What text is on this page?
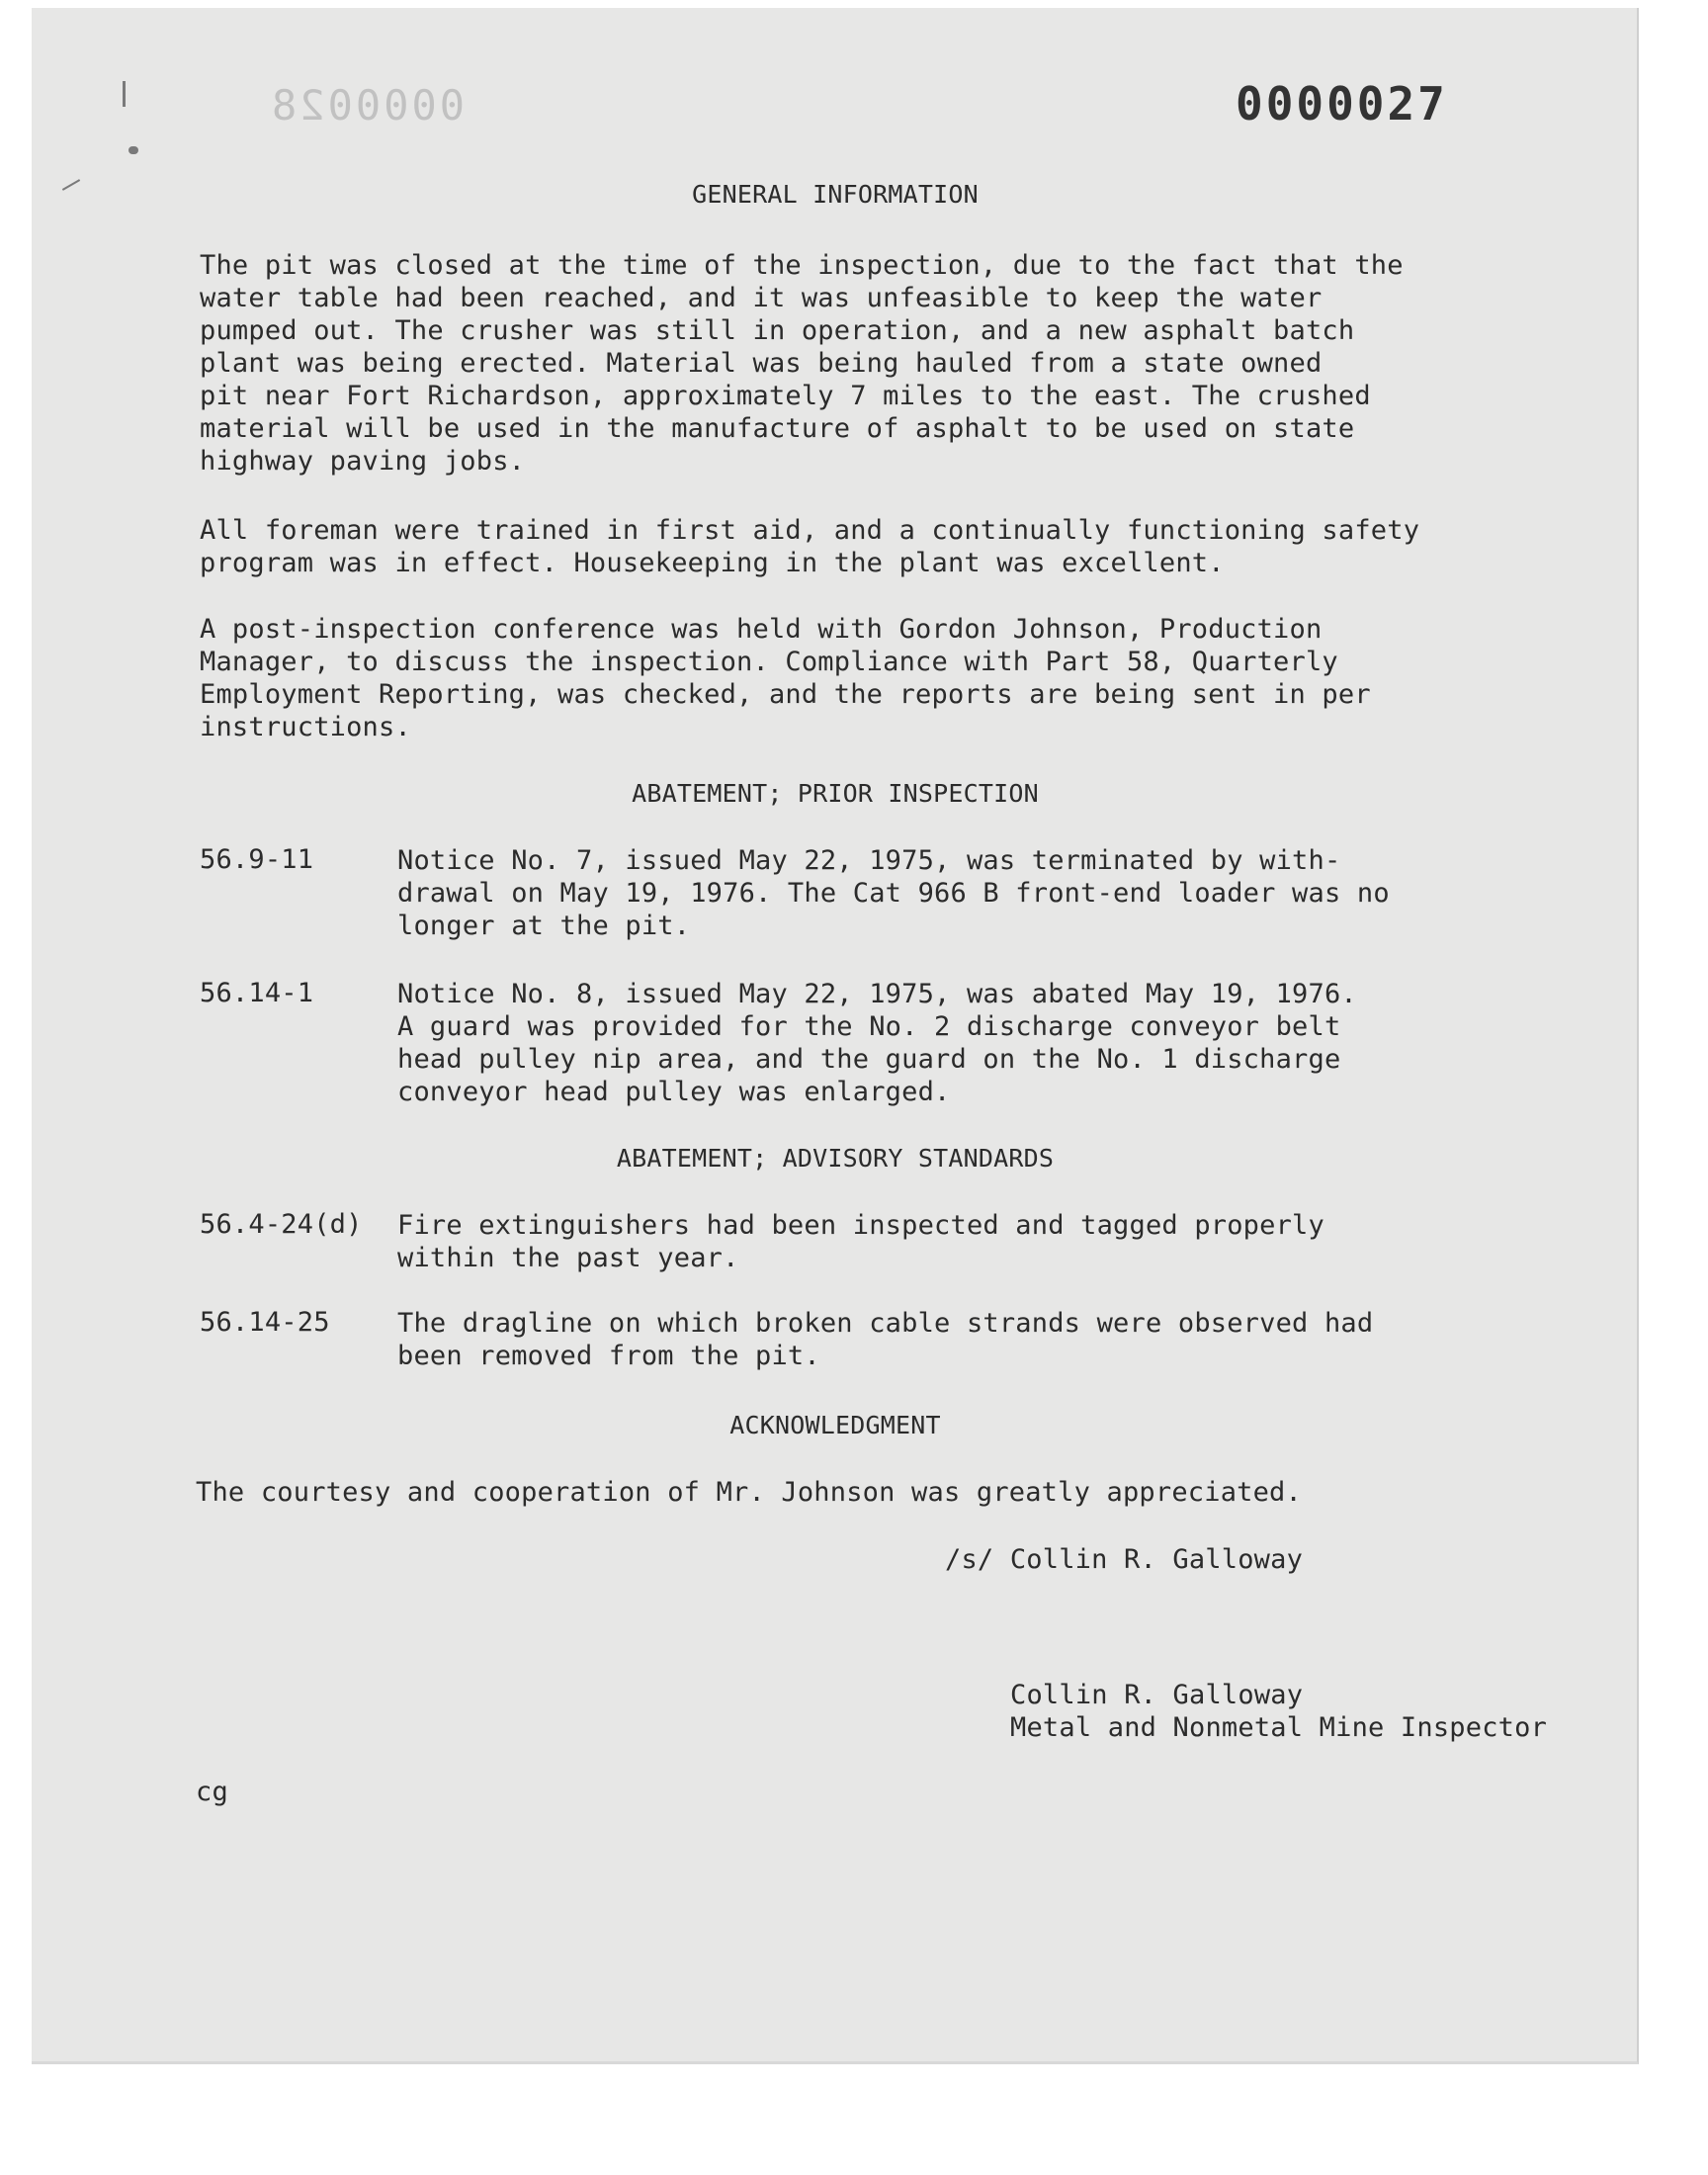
0000028	0000027
GENERAL INFORMATION
The pit was closed at the time of the inspection, due to the fact that the
water table had been reached, and it was unfeasible to keep the water
pumped out. The crusher was still in operation, and a new asphalt batch
plant was being erected. Material was being hauled from a state owned
pit near Fort Richardson, approximately 7 miles to the east. The crushed
material will be used in the manufacture of asphalt to be used on state
highway paving jobs.
All foreman were trained in first aid, and a continually functioning safety
program was in effect. Housekeeping in the plant was excellent.
A post-inspection conference was held with Gordon Johnson, Production
Manager, to discuss the inspection. Compliance with Part 58, Quarterly
Employment Reporting, was checked, and the reports are being sent in per
instructions.
ABATEMENT; PRIOR INSPECTION
56.9-11	Notice No. 7, issued May 22, 1975, was terminated by with-
drawal on May 19, 1976. The Cat 966 B front-end loader was no
longer at the pit.
56.14-1	Notice No. 8, issued May 22, 1975, was abated May 19, 1976.
A guard was provided for the No. 2 discharge conveyor belt
head pulley nip area, and the guard on the No. 1 discharge
conveyor head pulley was enlarged.
ABATEMENT; ADVISORY STANDARDS
56.4-24(d) Fire extinguishers had been inspected and tagged properly
within the past year.
56.14-25	The dragline on which broken cable strands were observed had
been removed from the pit.
ACKNOWLEDGMENT
The courtesy and cooperation of Mr. Johnson was greatly appreciated.
/s/ Collin R. Galloway
Collin R. Galloway
Metal and Nonmetal Mine Inspector
cg
